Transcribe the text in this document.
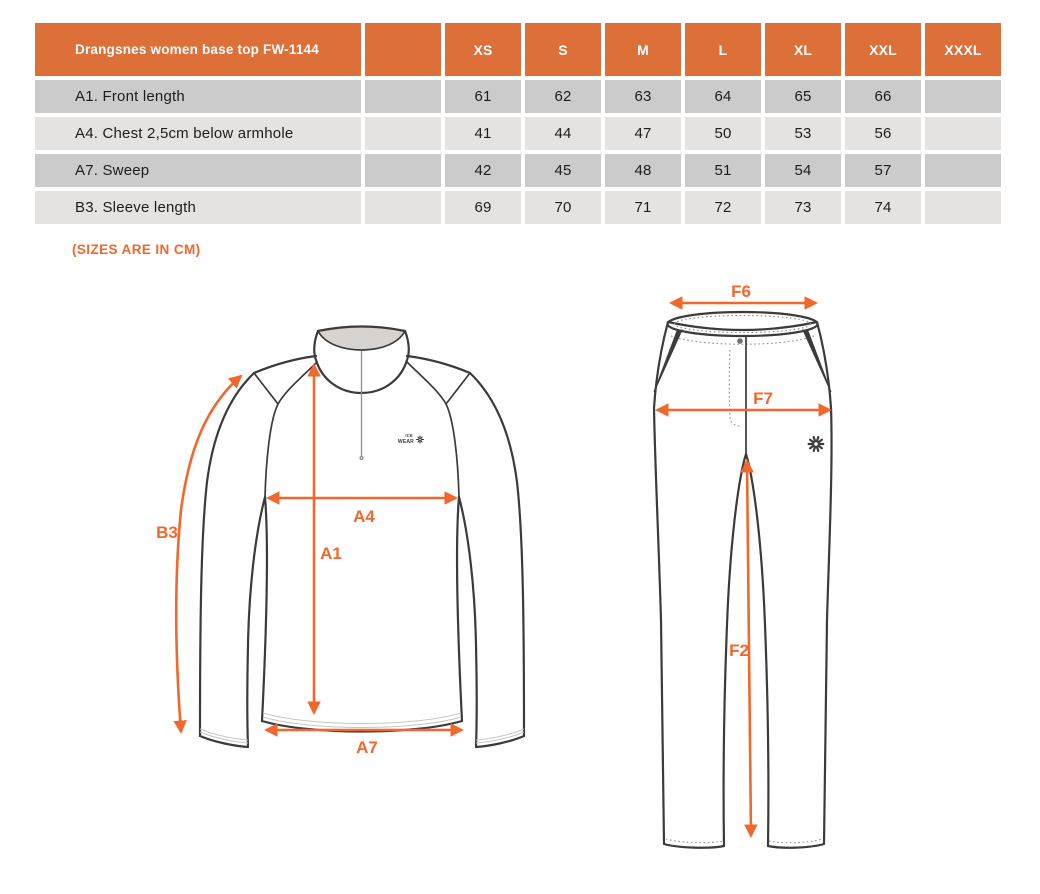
Drangsnes women base top FW-1144		XS	S	M	L	XL	XXL	XXXL
A1. Front length		61	62	63	64	65	66	
A4. Chest 2,5cm below armhole		41	44	47	50	53	56	
A7. Sweep		42	45	48	51	54	57	
B3. Sleeve length		69	70	71	72	73	74	
(SIZES ARE IN CM)
ICE
WEAR
B3
A4
A1
A7
F6
F7
F2
